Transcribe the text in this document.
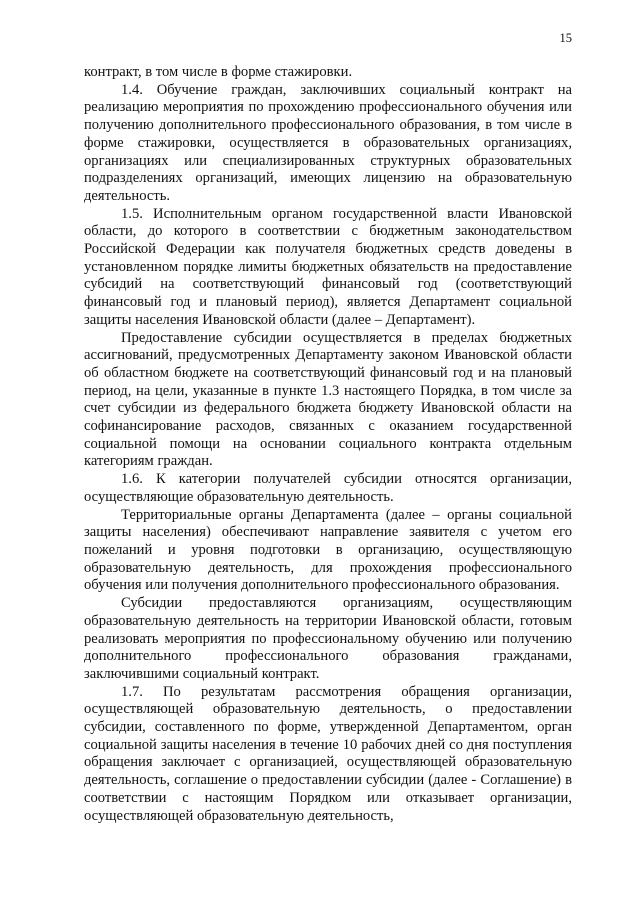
15

контракт, в том числе в форме стажировки.

1.4. Обучение граждан, заключивших социальный контракт на реализацию мероприятия по прохождению профессионального обучения или получению дополнительного профессионального образования, в том числе в форме стажировки, осуществляется в образовательных организациях, организациях или специализированных структурных образовательных подразделениях организаций, имеющих лицензию на образовательную деятельность.

1.5. Исполнительным органом государственной власти Ивановской области, до которого в соответствии с бюджетным законодательством Российской Федерации как получателя бюджетных средств доведены в установленном порядке лимиты бюджетных обязательств на предоставление субсидий на соответствующий финансовый год (соответствующий финансовый год и плановый период), является Департамент социальной защиты населения Ивановской области (далее – Департамент).

Предоставление субсидии осуществляется в пределах бюджетных ассигнований, предусмотренных Департаменту законом Ивановской области об областном бюджете на соответствующий финансовый год и на плановый период, на цели, указанные в пункте 1.3 настоящего Порядка, в том числе за счет субсидии из федерального бюджета бюджету Ивановской области на софинансирование расходов, связанных с оказанием государственной социальной помощи на основании социального контракта отдельным категориям граждан.

1.6. К категории получателей субсидии относятся организации, осуществляющие образовательную деятельность.

Территориальные органы Департамента (далее – органы социальной защиты населения) обеспечивают направление заявителя с учетом его пожеланий и уровня подготовки в организацию, осуществляющую образовательную деятельность, для прохождения профессионального обучения или получения дополнительного профессионального образования.

Субсидии предоставляются организациям, осуществляющим образовательную деятельность на территории Ивановской области, готовым реализовать мероприятия по профессиональному обучению или получению дополнительного профессионального образования гражданами, заключившими социальный контракт.

1.7. По результатам рассмотрения обращения организации, осуществляющей образовательную деятельность, о предоставлении субсидии, составленного по форме, утвержденной Департаментом, орган социальной защиты населения в течение 10 рабочих дней со дня поступления обращения заключает с организацией, осуществляющей образовательную деятельность, соглашение о предоставлении субсидии (далее - Соглашение) в соответствии с настоящим Порядком или отказывает организации, осуществляющей образовательную деятельность,
